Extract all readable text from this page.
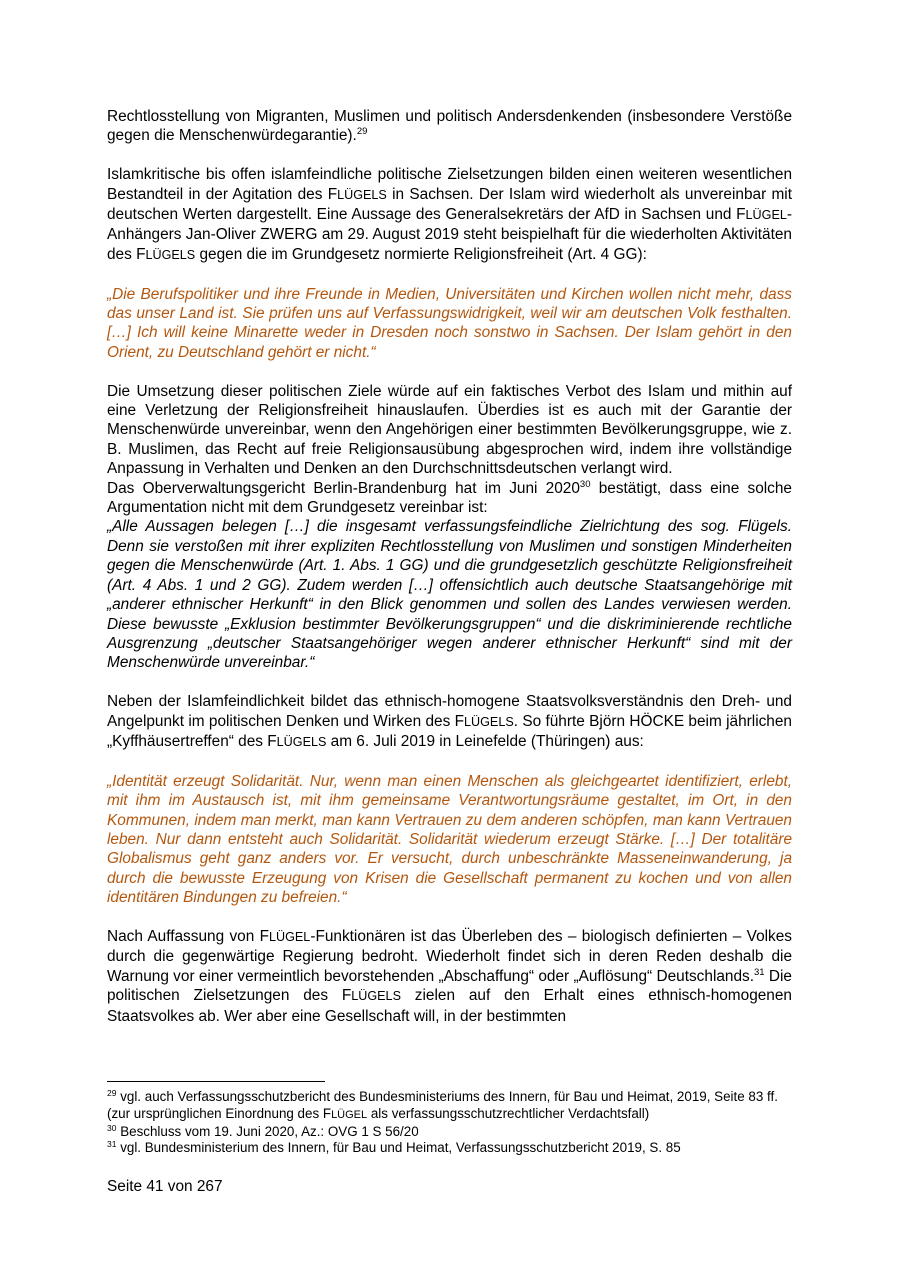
Rechtlosstellung von Migranten, Muslimen und politisch Andersdenkenden (insbesondere Verstöße gegen die Menschenwürdegarantie).$^{29}$

Islamkritische bis offen islamfeindliche politische Zielsetzungen bilden einen weiteren wesentlichen Bestandteil in der Agitation des FLÜGELS in Sachsen. Der Islam wird wiederholt als unvereinbar mit deutschen Werten dargestellt. Eine Aussage des Generalsekretärs der AfD in Sachsen und FLÜGEL-Anhängers Jan-Oliver ZWERG am 29. August 2019 steht beispielhaft für die wiederholten Aktivitäten des FLÜGELS gegen die im Grundgesetz normierte Religionsfreiheit (Art. 4 GG):

„Die Berufspolitiker und ihre Freunde in Medien, Universitäten und Kirchen wollen nicht mehr, dass das unser Land ist. Sie prüfen uns auf Verfassungswidrigkeit, weil wir am deutschen Volk festhalten. […] Ich will keine Minarette weder in Dresden noch sonstwo in Sachsen. Der Islam gehört in den Orient, zu Deutschland gehört er nicht.“

Die Umsetzung dieser politischen Ziele würde auf ein faktisches Verbot des Islam und mithin auf eine Verletzung der Religionsfreiheit hinauslaufen. Überdies ist es auch mit der Garantie der Menschenwürde unvereinbar, wenn den Angehörigen einer bestimmten Bevölkerungsgruppe, wie z. B. Muslimen, das Recht auf freie Religionsausübung abgesprochen wird, indem ihre vollständige Anpassung in Verhalten und Denken an den Durchschnittsdeutschen verlangt wird.

Das Oberverwaltungsgericht Berlin-Brandenburg hat im Juni 2020$^{30}$ bestätigt, dass eine solche Argumentation nicht mit dem Grundgesetz vereinbar ist:

„Alle Aussagen belegen […] die insgesamt verfassungsfeindliche Zielrichtung des sog. Flügels. Denn sie verstoßen mit ihrer expliziten Rechtlosstellung von Muslimen und sonstigen Minderheiten gegen die Menschenwürde (Art. 1. Abs. 1 GG) und die grundgesetzlich geschützte Religionsfreiheit (Art. 4 Abs. 1 und 2 GG). Zudem werden […] offensichtlich auch deutsche Staatsangehörige mit „anderer ethnischer Herkunft“ in den Blick genommen und sollen des Landes verwiesen werden. Diese bewusste „Exklusion bestimmter Bevölkerungsgruppen“ und die diskriminierende rechtliche Ausgrenzung „deutscher Staatsangehöriger wegen anderer ethnischer Herkunft“ sind mit der Menschenwürde unvereinbar.“

Neben der Islamfeindlichkeit bildet das ethnisch-homogene Staatsvolksverständnis den Dreh- und Angelpunkt im politischen Denken und Wirken des FLÜGELS. So führte Björn HÖCKE beim jährlichen „Kyffhäusertreffen“ des FLÜGELS am 6. Juli 2019 in Leinefelde (Thüringen) aus:

„Identität erzeugt Solidarität. Nur, wenn man einen Menschen als gleichgeartet identifiziert, erlebt, mit ihm im Austausch ist, mit ihm gemeinsame Verantwortungsräume gestaltet, im Ort, in den Kommunen, indem man merkt, man kann Vertrauen zu dem anderen schöpfen, man kann Vertrauen leben. Nur dann entsteht auch Solidarität. Solidarität wiederum erzeugt Stärke. […] Der totalitäre Globalismus geht ganz anders vor. Er versucht, durch unbeschränkte Masseneinwanderung, ja durch die bewusste Erzeugung von Krisen die Gesellschaft permanent zu kochen und von allen identitären Bindungen zu befreien.“

Nach Auffassung von FLÜGEL-Funktionären ist das Überleben des – biologisch definierten – Volkes durch die gegenwärtige Regierung bedroht. Wiederholt findet sich in deren Reden deshalb die Warnung vor einer vermeintlich bevorstehenden „Abschaffung“ oder „Auflösung“ Deutschlands.$^{31}$ Die politischen Zielsetzungen des FLÜGELS zielen auf den Erhalt eines ethnisch-homogenen Staatsvolkes ab. Wer aber eine Gesellschaft will, in der bestimmten

$^{29}$ vgl. auch Verfassungsschutzbericht des Bundesministeriums des Innern, für Bau und Heimat, 2019, Seite 83 ff. (zur ursprünglichen Einordnung des FLÜGEL als verfassungsschutzrechtlicher Verdachtsfall)

$^{30}$ Beschluss vom 19. Juni 2020, Az.: OVG 1 S 56/20

$^{31}$ vgl. Bundesministerium des Innern, für Bau und Heimat, Verfassungsschutzbericht 2019, S. 85

Seite 41 von 267
